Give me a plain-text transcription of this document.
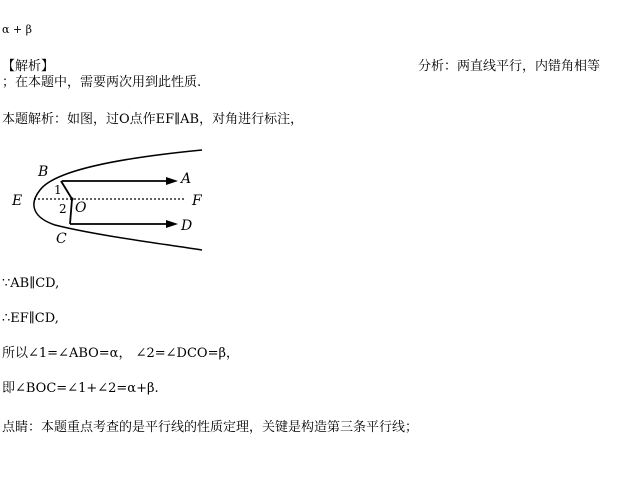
α + β
【解析】	分析：两直线平行，内错角相等
；在本题中，需要两次用到此性质.
本题解析：如图，过O点作EF∥AB，对角进行标注，
B	A
E	F
O
C
D
1
2
∵AB∥CD,
∴EF∥CD,
所以∠1=∠ABO=α， ∠2=∠DCO=β，
即∠BOC=∠1+∠2=α+β.
点睛：本题重点考查的是平行线的性质定理，关键是构造第三条平行线；
